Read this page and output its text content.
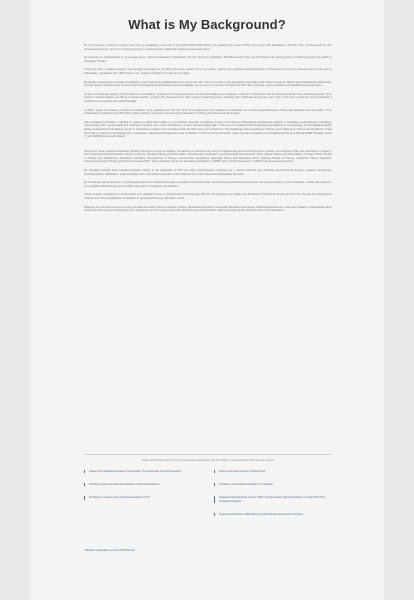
What is My Background?

My first exposure to trauma in infancy was with my Grandfather, a survivor of the Second World War (WW2). He suffered from severe PTSD, and he died with flashbacks in the 90s. This, combined with my own personal experiences, put me on a lifelong journey to understand the relationship between people and trauma.

As I pursued my independence in my teenage years, I became interested in Martial Arts, Tai Chi, Chi Gung, Meditation, Mindfulness and Yoga, and this became the starting point on a lifelong journey into Holistic & Integrative Therapy.

It was only when I studied a degree I was strongly encouraged to do rather than what I wanted, but in my opinion I gained very insightful analytical thinking, but lost interest in my own personal views on life and my individuality. I graduated with a BSc Honours 2:1, and went straight on to train as a therapist.

My therapy training was eventually accredited to Level 5 and these qualifications have served me well. I went on to train in the appropriate counselling skills within a range of different psychotherapeutic frameworks, through various workshops and courses in both Psychodynamic and Person-Centred modalities, but as part of my journey I incorporated CBT, NLP, coaching, psycho-education and Mindfulness among others.

As part of my therapy training I did my Diploma in Counselling, a 100 hours of training in Person-Centred Counselling and completed a minimum of 100 clients with an ethical framework and a clinical supervisor. I then worked in clinical practice, as well as in private practice, working with clients across a wide range of presenting issues, including both individuals and groups, and I took on the role of supervisor and contributed to research as a counsellor and psychotherapist.

In 2000 I began the process of further accreditation, post graduate level with the UKCP, the professional body leading to accreditation as a clinical psychotherapist, clinical hypnotherapist and counsellor. I then incorporated mindfulness and CBT among other methods, and found I was becoming interested in working with trauma and dissociation.

After relocating to Scotland I decided to update my skills while building a new practice, and after completing a range of Continuous Professional Development updates in integrative psychotherapy, counselling, hypnotherapy, NLP, mental health and coaching at levels 5 and 7 I then embarked on a more focused training path. In this time I completed a MSc Psychology (specialising in traumatology), an Occupational Health, Safety and Environmental Diploma (Level 7) and became a trainer and consultant within the field. Along with a Diploma in Psychotherapy and Counselling in Trauma, and a Diploma in Trauma and Resilience, I have continued my training in Psychology with a Certificate in Mental Health Awareness and Certificate in Trauma Informed Practice. I have now also completed my accredited training as a Clinical EMDR Therapist (Level 7), with EMDR Europe accreditation.

Since then I have completed Specialist Clinical Trainings in a range of subjects, all requiring a minimum entry level of a Masters Degree and full licensing in practice, and requiring a fifth year supervision to qualify; I have completed Clinical Specialty Training in Trauma, Complex trauma and Dissociation, internationally recognised, board accredited and approved. These include Trauma and Dissociation, Complex PTSD, Trauma in Children and Adolescents, Attachment Disorders, Neuroscience of Trauma, Sensorimotor Approaches, Polyvagal Theory and Mind-Body Work, Cognitive Models of Trauma, Integrative Trauma Treatment, Attachment Focused Therapy and Trauma-Focused CBT. I have completed and am an accredited practitioner in EMDR, and a Clinical Supervisor in EMDR and trauma-based practice.

My specialist trainings have included specialist training in the application of CBT and other psychotherapy techniques as a trauma informed way, including trauma-focused therapy, cognitive restructuring, psychoeducation, stabilisation, exposure-based work, and relapse prevention in the treatment of complex trauma and dissociative disorders.

My knowledge and competence in psychological aspects is evidenced through my academic and clinical work, and continual professional development and ongoing training in new knowledge, models and methods. I am a qualified Clinical Supervisor and offer supervision to therapists and clinicians.

I have recently completed a 6 month school post graduate course in Sensorimotor Psychotherapy (SP-PT) with Professor Pat Ogden and Professor of Psychiatry, Bessel van der Kolk, through the Sensorimotor Institute, and a Post Qualification Certification in Neuropsychotherapy with Peter Levine.

Although you cannot be sure some of my specialist time helps Trauma, Complex Trauma, Dissociative Disorders, Personality Disorders and Adverse Childhood Experiences, I have also studied in related fields where trauma has been present including long term depression, chronic anxiety, personality disorders and mood disorders, finding a broadly similar overall picture in both populations.

Please click the links below to view my professional registrations, and I am happy to share any further information on request.
Fellow of the National Association of Counsellors, Hypnotherapists & Psychotherapists*
Practitioner of the International Association of Trauma Practitioners
Practitioner: Complementary Therapist Association CThA*
Fellow of the Royal Society of Public Health
Practitioner: International Association of Therapists
Registered Hypnotherapist with the CNHC (Complementary Natural Healthcare Council) While CThA Accredited Registers
Registered Practitioner, EMDR (EU) Accredited Register Endorsement Analysis
*Validation organisations for the CNHC PSA AR
